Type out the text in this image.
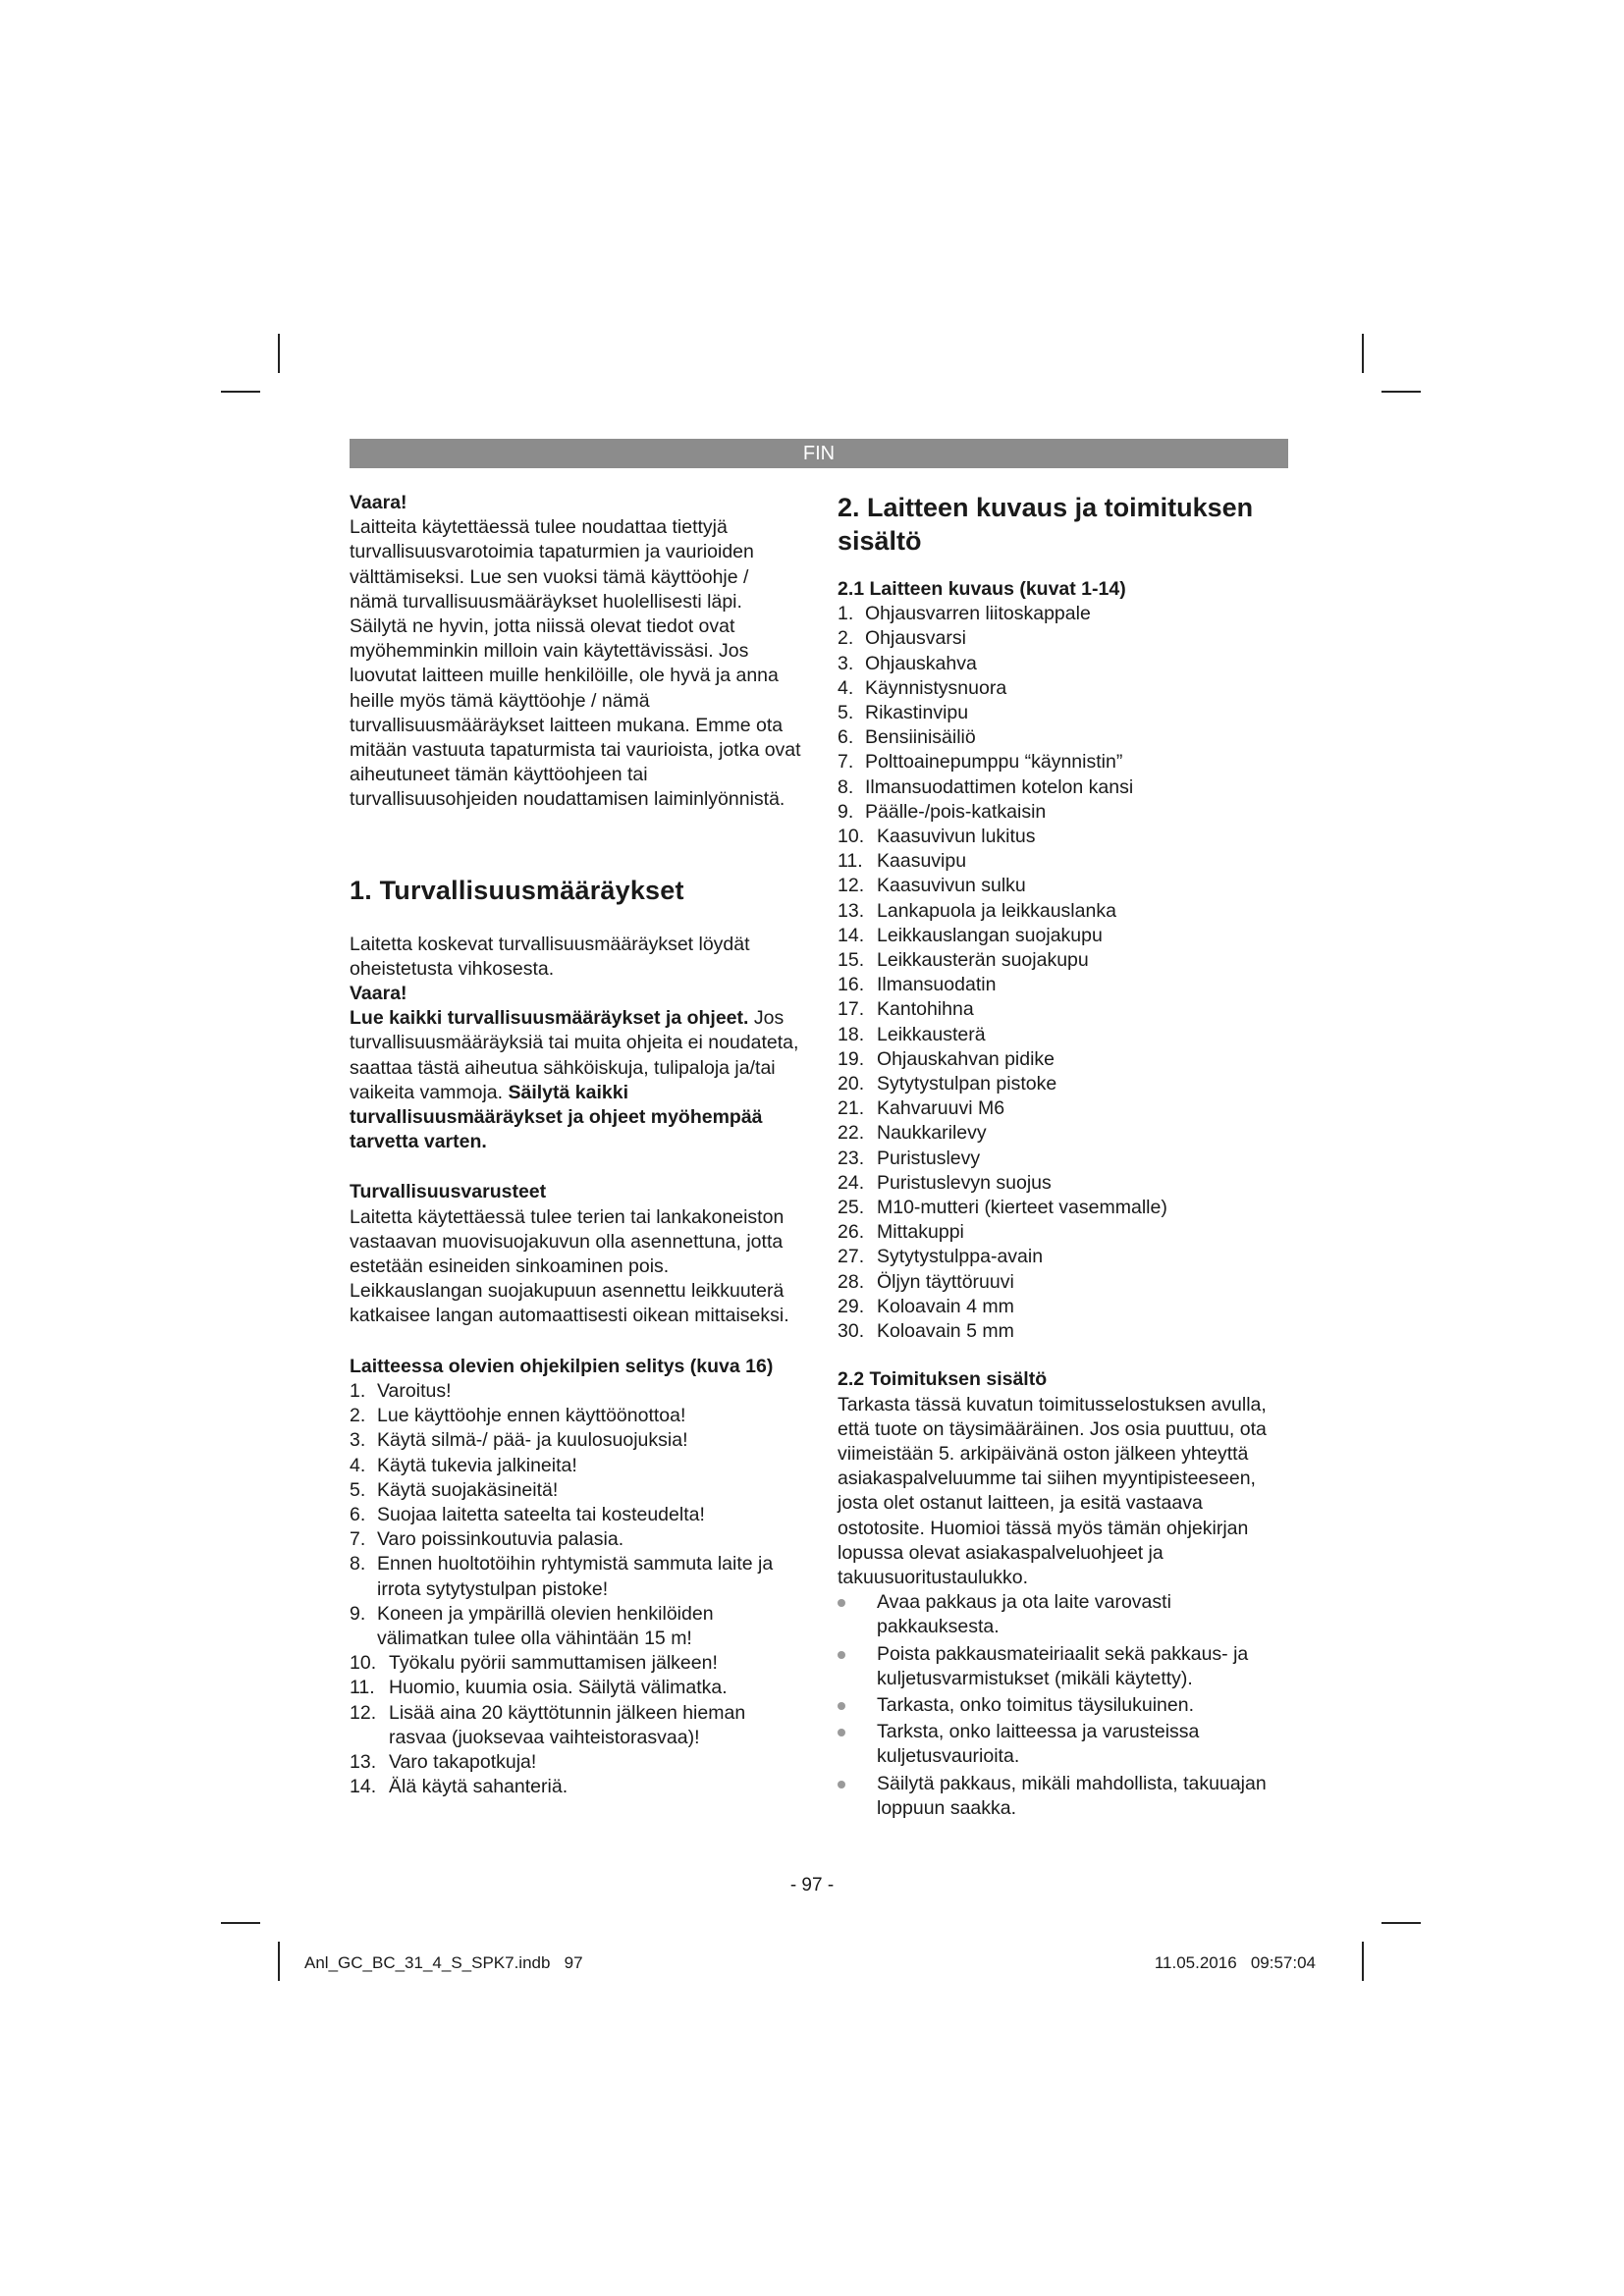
FIN

Vaara!

Laitteita käytettäessä tulee noudattaa tiettyjä turvallisuusvarotoimia tapaturmien ja vaurioiden välttämiseksi. Lue sen vuoksi tämä käyttöohje / nämä turvallisuusmääräykset huolellisesti läpi. Säilytä ne hyvin, jotta niissä olevat tiedot ovat myöhemminkin milloin vain käytettävissäsi. Jos luovutat laitteen muille henkilöille, ole hyvä ja anna heille myös tämä käyttöohje / nämä turvallisuusmääräykset laitteen mukana. Emme ota mitään vastuuta tapaturmista tai vaurioista, jotka ovat aiheutuneet tämän käyttöohjeen tai turvallisuusohjeiden noudattamisen laiminlyönnistä.

1. Turvallisuusmääräykset

Laitetta koskevat turvallisuusmääräykset löydät oheistetusta vihkosesta.

Vaara!

Lue kaikki turvallisuusmääräykset ja ohjeet. Jos turvallisuusmääräyksiä tai muita ohjeita ei noudateta, saattaa tästä aiheutua sähköiskuja, tulipaloja ja/tai vaikeita vammoja. Säilytä kaikki turvallisuusmääräykset ja ohjeet myöhempää tarvetta varten.

Turvallisuusvarusteet

Laitetta käytettäessä tulee terien tai lankakoneiston vastaavan muovisuojakuvun olla asennettuna, jotta estetään esineiden sinkoaminen pois. Leikkauslangan suojakupuun asennettu leikkuuterä katkaisee langan automaattisesti oikean mittaiseksi.

Laitteessa olevien ohjekilpien selitys (kuva 16)

1. Varoitus!
2. Lue käyttöohje ennen käyttöönottoa!
3. Käytä silmä-/ pää- ja kuulosuojuksia!
4. Käytä tukevia jalkineita!
5. Käytä suojakäsineitä!
6. Suojaa laitetta sateelta tai kosteudelta!
7. Varo poissinkoutuvia palasia.
8. Ennen huoltotöihin ryhtymistä sammuta laite ja irrota sytytystulpan pistoke!
9. Koneen ja ympärillä olevien henkilöiden välimatkan tulee olla vähintään 15 m!
10. Työkalu pyörii sammuttamisen jälkeen!
11. Huomio, kuumia osia. Säilytä välimatka.
12. Lisää aina 20 käyttötunnin jälkeen hieman rasvaa (juoksevaa vaihteistorasvaa)!
13. Varo takapotkuja!
14. Älä käytä sahanteriä.

2. Laitteen kuvaus ja toimituksen sisältö

2.1 Laitteen kuvaus (kuvat 1-14)

1. Ohjausvarren liitoskappale
2. Ohjausvarsi
3. Ohjauskahva
4. Käynnistysnuora
5. Rikastinvipu
6. Bensiinisäiliö
7. Polttoainepumppu “käynnistin”
8. Ilmansuodattimen kotelon kansi
9. Päälle-/pois-katkaisin
10. Kaasuvivun lukitus
11. Kaasuvipu
12. Kaasuvivun sulku
13. Lankapuola ja leikkauslanka
14. Leikkauslangan suojakupu
15. Leikkausterän suojakupu
16. Ilmansuodatin
17. Kantohihna
18. Leikkausterä
19. Ohjauskahvan pidike
20. Sytytystulpan pistoke
21. Kahvaruuvi M6
22. Naukkarilevy
23. Puristuslevy
24. Puristuslevyn suojus
25. M10-mutteri (kierteet vasemmalle)
26. Mittakuppi
27. Sytytystulppa-avain
28. Öljyn täyttöruuvi
29. Koloavain 4 mm
30. Koloavain 5 mm

2.2 Toimituksen sisältö

Tarkasta tässä kuvatun toimitusselostuksen avulla, että tuote on täysimääräinen. Jos osia puuttuu, ota viimeistään 5. arkipäivänä oston jälkeen yhteyttä asiakaspalveluumme tai siihen myyntipisteeseen, josta olet ostanut laitteen, ja esitä vastaava ostotosite. Huomioi tässä myös tämän ohjekirjan lopussa olevat asiakaspalveluohjeet ja takuusuoritustaulukko.

Avaa pakkaus ja ota laite varovasti pakkauksesta.
Poista pakkausmateiriaalit sekä pakkaus- ja kuljetusvarmistukset (mikäli käytetty).
Tarkasta, onko toimitus täysilukuinen.
Tarksta, onko laitteessa ja varusteissa kuljetusvaurioita.
Säilytä pakkaus, mikäli mahdollista, takuuajan loppuun saakka.
- 97 -
Anl_GC_BC_31_4_S_SPK7.indb   97	11.05.2016   09:57:04
